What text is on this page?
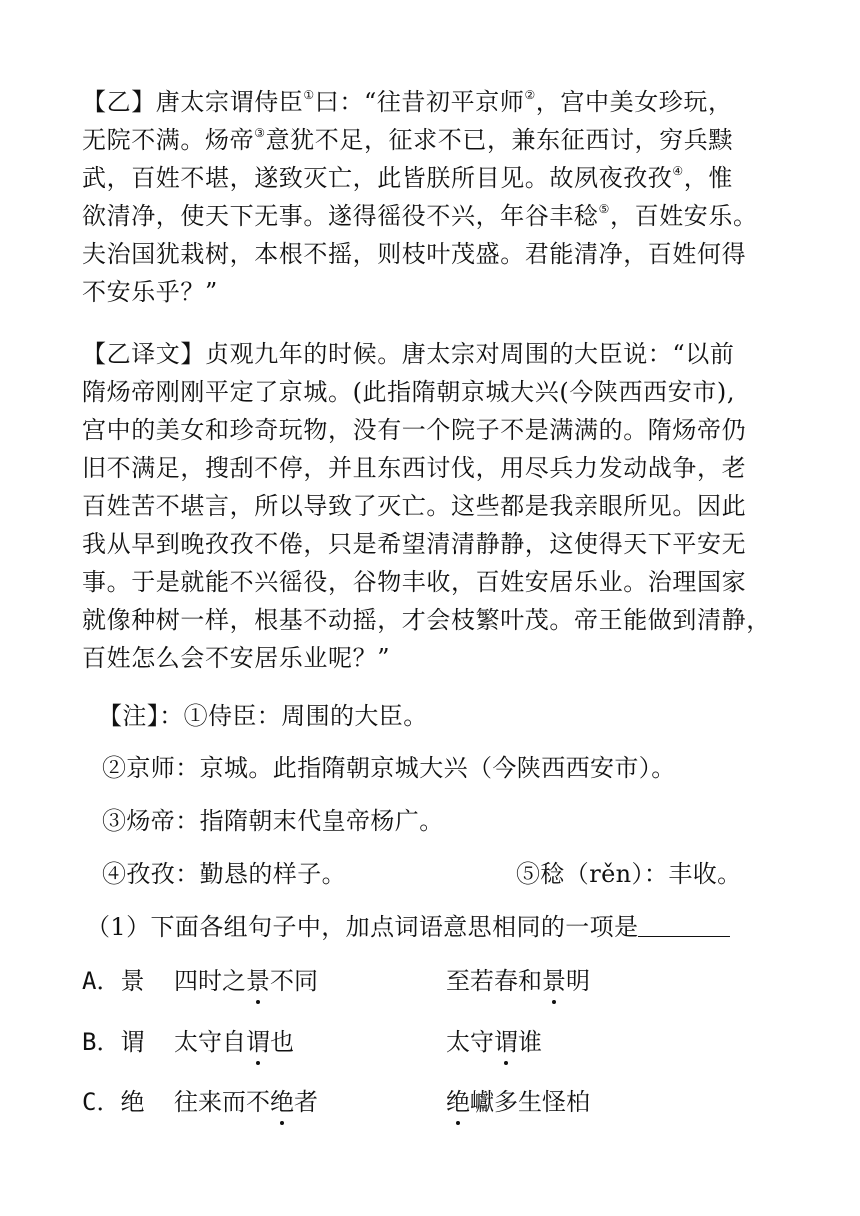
【乙】唐太宗谓侍臣①曰：“往昔初平京师②，宫中美女珍玩，
无院不满。炀帝③意犹不足，征求不已，兼东征西讨，穷兵黩
武，百姓不堪，遂致灭亡，此皆朕所目见。故夙夜孜孜④，惟
欲清净，使天下无事。遂得徭役不兴，年谷丰稔⑤，百姓安乐。
夫治国犹栽树，本根不摇，则枝叶茂盛。君能清净，百姓何得
不安乐乎？”
【乙译文】贞观九年的时候。唐太宗对周围的大臣说：“以前
隋炀帝刚刚平定了京城。(此指隋朝京城大兴(今陕西西安市),
宫中的美女和珍奇玩物，没有一个院子不是满满的。隋炀帝仍
旧不满足，搜刮不停，并且东西讨伐，用尽兵力发动战争，老
百姓苦不堪言，所以导致了灭亡。这些都是我亲眼所见。因此
我从早到晚孜孜不倦，只是希望清清静静，这使得天下平安无
事。于是就能不兴徭役，谷物丰收，百姓安居乐业。治理国家
就像种树一样，根基不动摇，才会枝繁叶茂。帝王能做到清静，
百姓怎么会不安居乐业呢？”
【注】：①侍臣：周围的大臣。
②京师：京城。此指隋朝京城大兴（今陕西西安市）。
③炀帝：指隋朝末代皇帝杨广。
④孜孜：勤恳的样子。	⑤稔（rěn）：丰收。
（1）下面各组句子中，加点词语意思相同的一项是
A．景 四时之景不同	至若春和景明
B．谓 太守自谓也	太守谓谁
C．绝 往来而不绝者	绝巘多生怪柏
